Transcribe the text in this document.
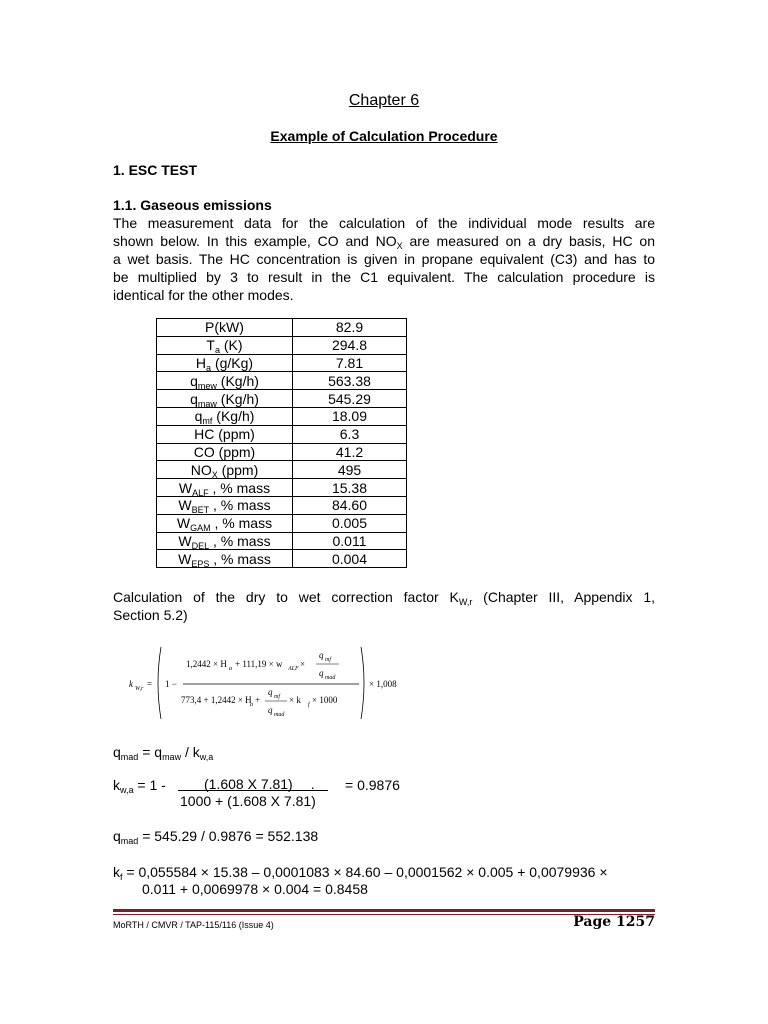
Chapter 6
Example of Calculation Procedure
1. ESC TEST
1.1. Gaseous emissions
The measurement data for the calculation of the individual mode results are
shown below. In this example, CO and $NO_X$ are measured on a dry basis, HC on
a wet basis. The HC concentration is given in propane equivalent (C3) and has to
be multiplied by 3 to result in the C1 equivalent. The calculation procedure is
identical for the other modes.
P(kW)	82.9
$T_a$ (K)	294.8
$H_a$ (g/Kg)	7.81
$q_{mew}$ (Kg/h)	563.38
$q_{maw}$ (Kg/h)	545.29
$q_{mf}$ (Kg/h)	18.09
HC (ppm)	6.3
CO (ppm)	41.2
$NO_X$ (ppm)	495
$W_{ALF}$ , % mass	15.38
$W_{BET}$ , % mass	84.60
$W_{GAM}$ , % mass	0.005
$W_{DEL}$ , % mass	0.011
$W_{EPS}$ , % mass	0.004
Calculation of the dry to wet correction factor $K_{W,r}$ (Chapter III, Appendix 1,
Section 5.2)
k W,r = 1 −
1,2442 × H a + 111,19 × w ALF ×
q mf
q mad
773,4 + 1,2442 × H
a +
q mf
q mad
× k f × 1000
× 1,008
$q_{mad} = q_{maw} / k_{w,a}$
$k_{w,a} = 1$ -	(1.608 X 7.81) .
1000 + (1.608 X 7.81)
= 0.9876
$q_{mad} = 545.29 / 0.9876 = 552.138$
$k_f = 0,055584 \times 15.38 - 0,0001083 \times 84.60 - 0,0001562 \times 0.005 + 0,0079936$ ×
0.011 + 0,0069978 × 0.004 = 0.8458
MoRTH / CMVR / TAP-115/116 (Issue 4)	Page 1257
